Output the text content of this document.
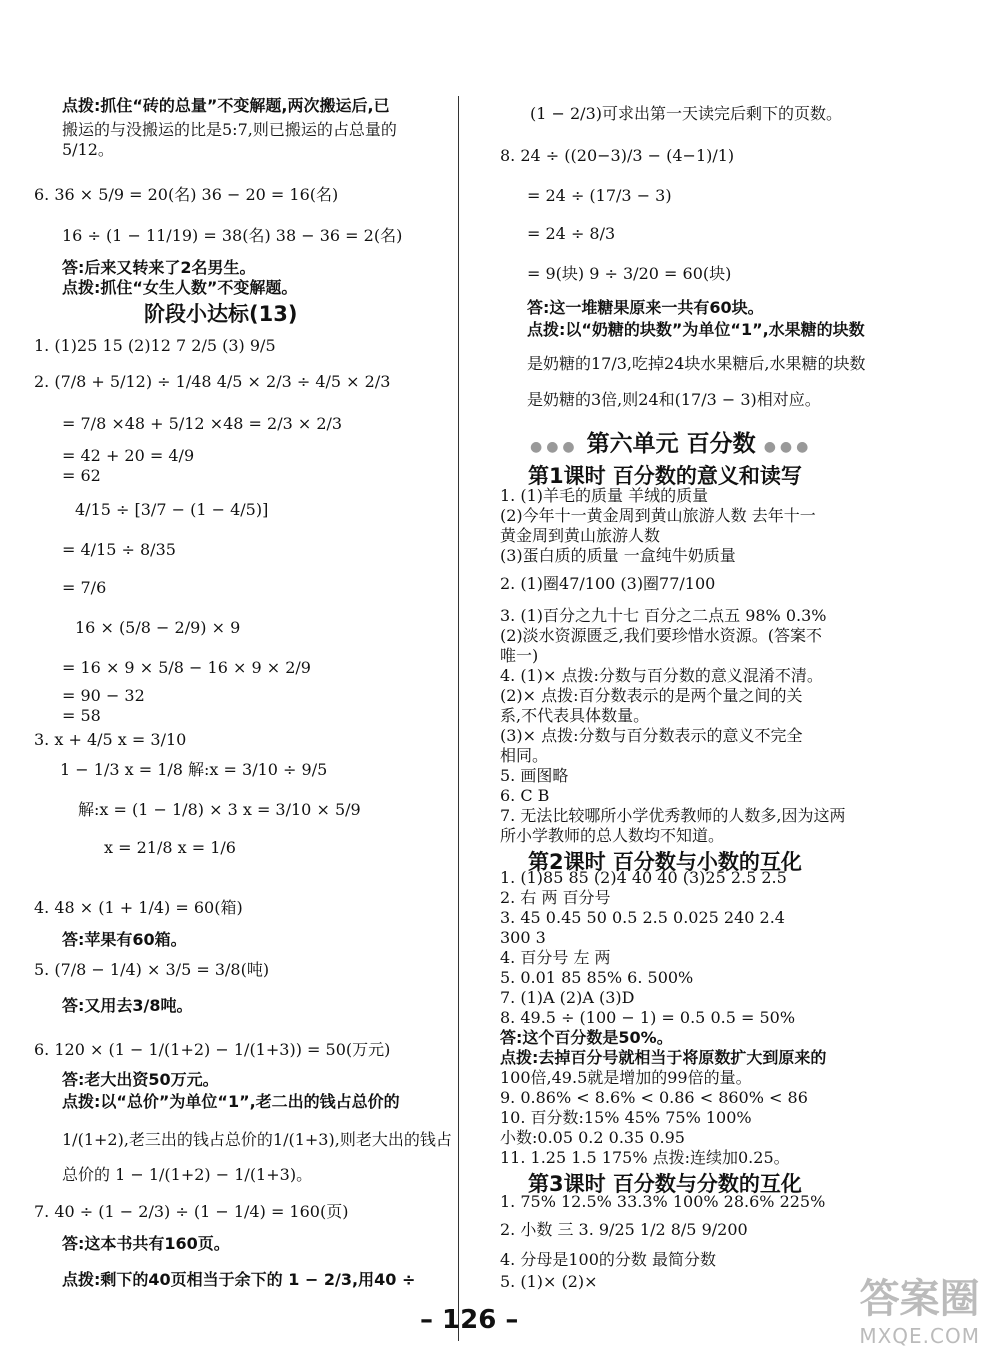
点拨:抓住“砖的总量”不变解题,两次搬运后,已
搬运的与没搬运的比是5:7,则已搬运的占总量的
5/12。
6. 36 × 5/9 = 20(名) 36 − 20 = 16(名)
16 ÷ (1 − 11/19) = 38(名) 38 − 36 = 2(名)
答:后来又转来了2名男生。
点拨:抓住“女生人数”不变解题。
阶段小达标(13)
1. (1)25 15 (2)12 7 2/5 (3) 9/5
2. (7/8 + 5/12) ÷ 1/48 4/5 × 2/3 ÷ 4/5 × 2/3
= 7/8 ×48 + 5/12 ×48 = 2/3 × 2/3
= 42 + 20 = 4/9
= 62
4/15 ÷ [3/7 − (1 − 4/5)]
= 4/15 ÷ 8/35
= 7/6
16 × (5/8 − 2/9) × 9
= 16 × 9 × 5/8 − 16 × 9 × 2/9
= 90 − 32
= 58
3. x + 4/5 x = 3/10
1 − 1/3 x = 1/8 解:x = 3/10 ÷ 9/5
解:x = (1 − 1/8) × 3 x = 3/10 × 5/9
x = 21/8 x = 1/6
4. 48 × (1 + 1/4) = 60(箱)
答:苹果有60箱。
5. (7/8 − 1/4) × 3/5 = 3/8(吨)
答:又用去3/8吨。
6. 120 × (1 − 1/(1+2) − 1/(1+3)) = 50(万元)
答:老大出资50万元。
点拨:以“总价”为单位“1”,老二出的钱占总价的
1/(1+2),老三出的钱占总价的1/(1+3),则老大出的钱占
总价的 1 − 1/(1+2) − 1/(1+3)。
7. 40 ÷ (1 − 2/3) ÷ (1 − 1/4) = 160(页)
答:这本书共有160页。
点拨:剩下的40页相当于余下的 1 − 2/3,用40 ÷
(1 − 2/3)可求出第一天读完后剩下的页数。
8. 24 ÷ ((20−3)/3 − (4−1)/1)
= 24 ÷ (17/3 − 3)
= 24 ÷ 8/3
= 9(块) 9 ÷ 3/20 = 60(块)
答:这一堆糖果原来一共有60块。
点拨:以“奶糖的块数”为单位“1”,水果糖的块数
是奶糖的17/3,吃掉24块水果糖后,水果糖的块数
是奶糖的3倍,则24和(17/3 − 3)相对应。
●●● 第六单元 百分数 ●●●
第1课时 百分数的意义和读写
1. (1)羊毛的质量 羊绒的质量
(2)今年十一黄金周到黄山旅游人数 去年十一
黄金周到黄山旅游人数
(3)蛋白质的质量 一盒纯牛奶质量
2. (1)圈47/100 (3)圈77/100
3. (1)百分之九十七 百分之二点五 98% 0.3%
(2)淡水资源匮乏,我们要珍惜水资源。(答案不
唯一)
4. (1)× 点拨:分数与百分数的意义混淆不清。
(2)× 点拨:百分数表示的是两个量之间的关
系,不代表具体数量。
(3)× 点拨:分数与百分数表示的意义不完全
相同。
5. 画图略
6. C B
7. 无法比较哪所小学优秀教师的人数多,因为这两
所小学教师的总人数均不知道。
第2课时 百分数与小数的互化
1. (1)85 85 (2)4 40 40 (3)25 2.5 2.5
2. 右 两 百分号
3. 45 0.45 50 0.5 2.5 0.025 240 2.4
300 3
4. 百分号 左 两
5. 0.01 85 85% 6. 500%
7. (1)A (2)A (3)D
8. 49.5 ÷ (100 − 1) = 0.5 0.5 = 50%
答:这个百分数是50%。
点拨:去掉百分号就相当于将原数扩大到原来的
100倍,49.5就是增加的99倍的量。
9. 0.86% < 8.6% < 0.86 < 860% < 86
10. 百分数:15% 45% 75% 100%
小数:0.05 0.2 0.35 0.95
11. 1.25 1.5 175% 点拨:连续加0.25。
第3课时 百分数与分数的互化
1. 75% 12.5% 33.3% 100% 28.6% 225%
2. 小数 三 3. 9/25 1/2 8/5 9/200
4. 分母是100的分数 最简分数
5. (1)× (2)×
– 126 –	答案圈
MXQE.COM
